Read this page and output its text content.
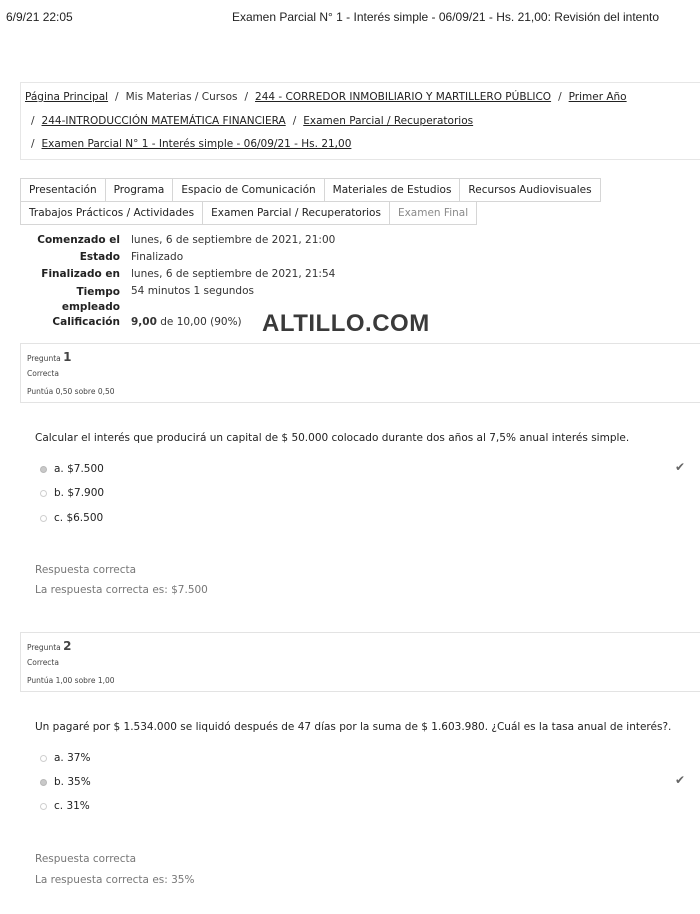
6/9/21 22:05	Examen Parcial N° 1 - Interés simple - 06/09/21 - Hs. 21,00: Revisión del intento
Página Principal / Mis Materias / Cursos / 244 - CORREDOR INMOBILIARIO Y MARTILLERO PÚBLICO / Primer Año
/ 244-INTRODUCCIÓN MATEMÁTICA FINANCIERA / Examen Parcial / Recuperatorios
/ Examen Parcial N° 1 - Interés simple - 06/09/21 - Hs. 21,00
Presentación	Programa	Espacio de Comunicación	Materiales de Estudios	Recursos Audiovisuales
Trabajos Prácticos / Actividades	Examen Parcial / Recuperatorios	Examen Final
Comenzado el lunes, 6 de septiembre de 2021, 21:00
Estado Finalizado
Finalizado en lunes, 6 de septiembre de 2021, 21:54
Tiempo
empleado
54 minutos 1 segundos
Calificación 9,00 de 10,00 (90%) ALTILLO.COM
Pregunta 1
Correcta
Puntúa 0,50 sobre 0,50
Calcular el interés que producirá un capital de $ 50.000 colocado durante dos años al 7,5% anual interés simple.
a. $7.500
b. $7.900
c. $6.500
✔
Respuesta correcta
La respuesta correcta es: $7.500
Pregunta 2
Correcta
Puntúa 1,00 sobre 1,00
Un pagaré por $ 1.534.000 se liquidó después de 47 días por la suma de $ 1.603.980. ¿Cuál es la tasa anual de interés?.
a. 37%
b. 35%
c. 31%
✔
Respuesta correcta
La respuesta correcta es: 35%
